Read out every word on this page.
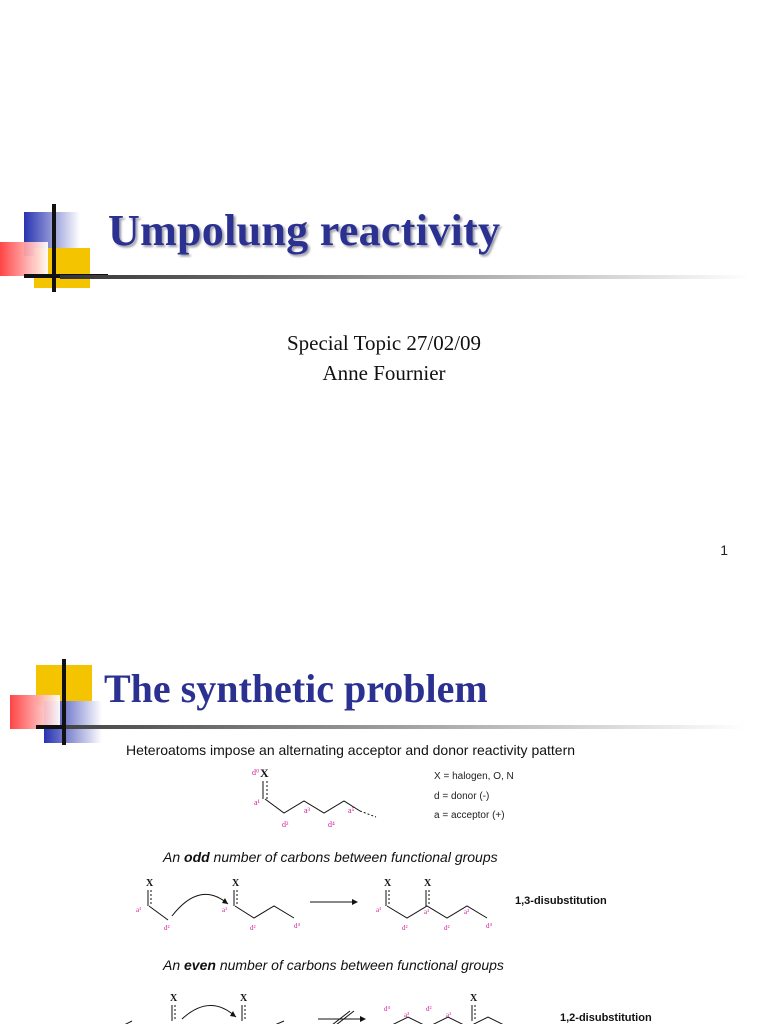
Umpolung reactivity
Special Topic 27/02/09
Anne Fournier
1
The synthetic problem
Heteroatoms impose an alternating acceptor and donor reactivity pattern
X
d⁰
a¹
d²
a³
d⁴
a⁵
X = halogen, O, N
d = donor (-)
a = acceptor (+)
An odd number of carbons between functional groups
X
a¹
d²
X
a¹
d²	d⁴
X	X
a¹
d²
a¹
d²
a³
d⁴
1,3-disubstitution
An even number of carbons between functional groups
X	X
d⁴	d²
X
a³	a¹	1,2-disubstitution
